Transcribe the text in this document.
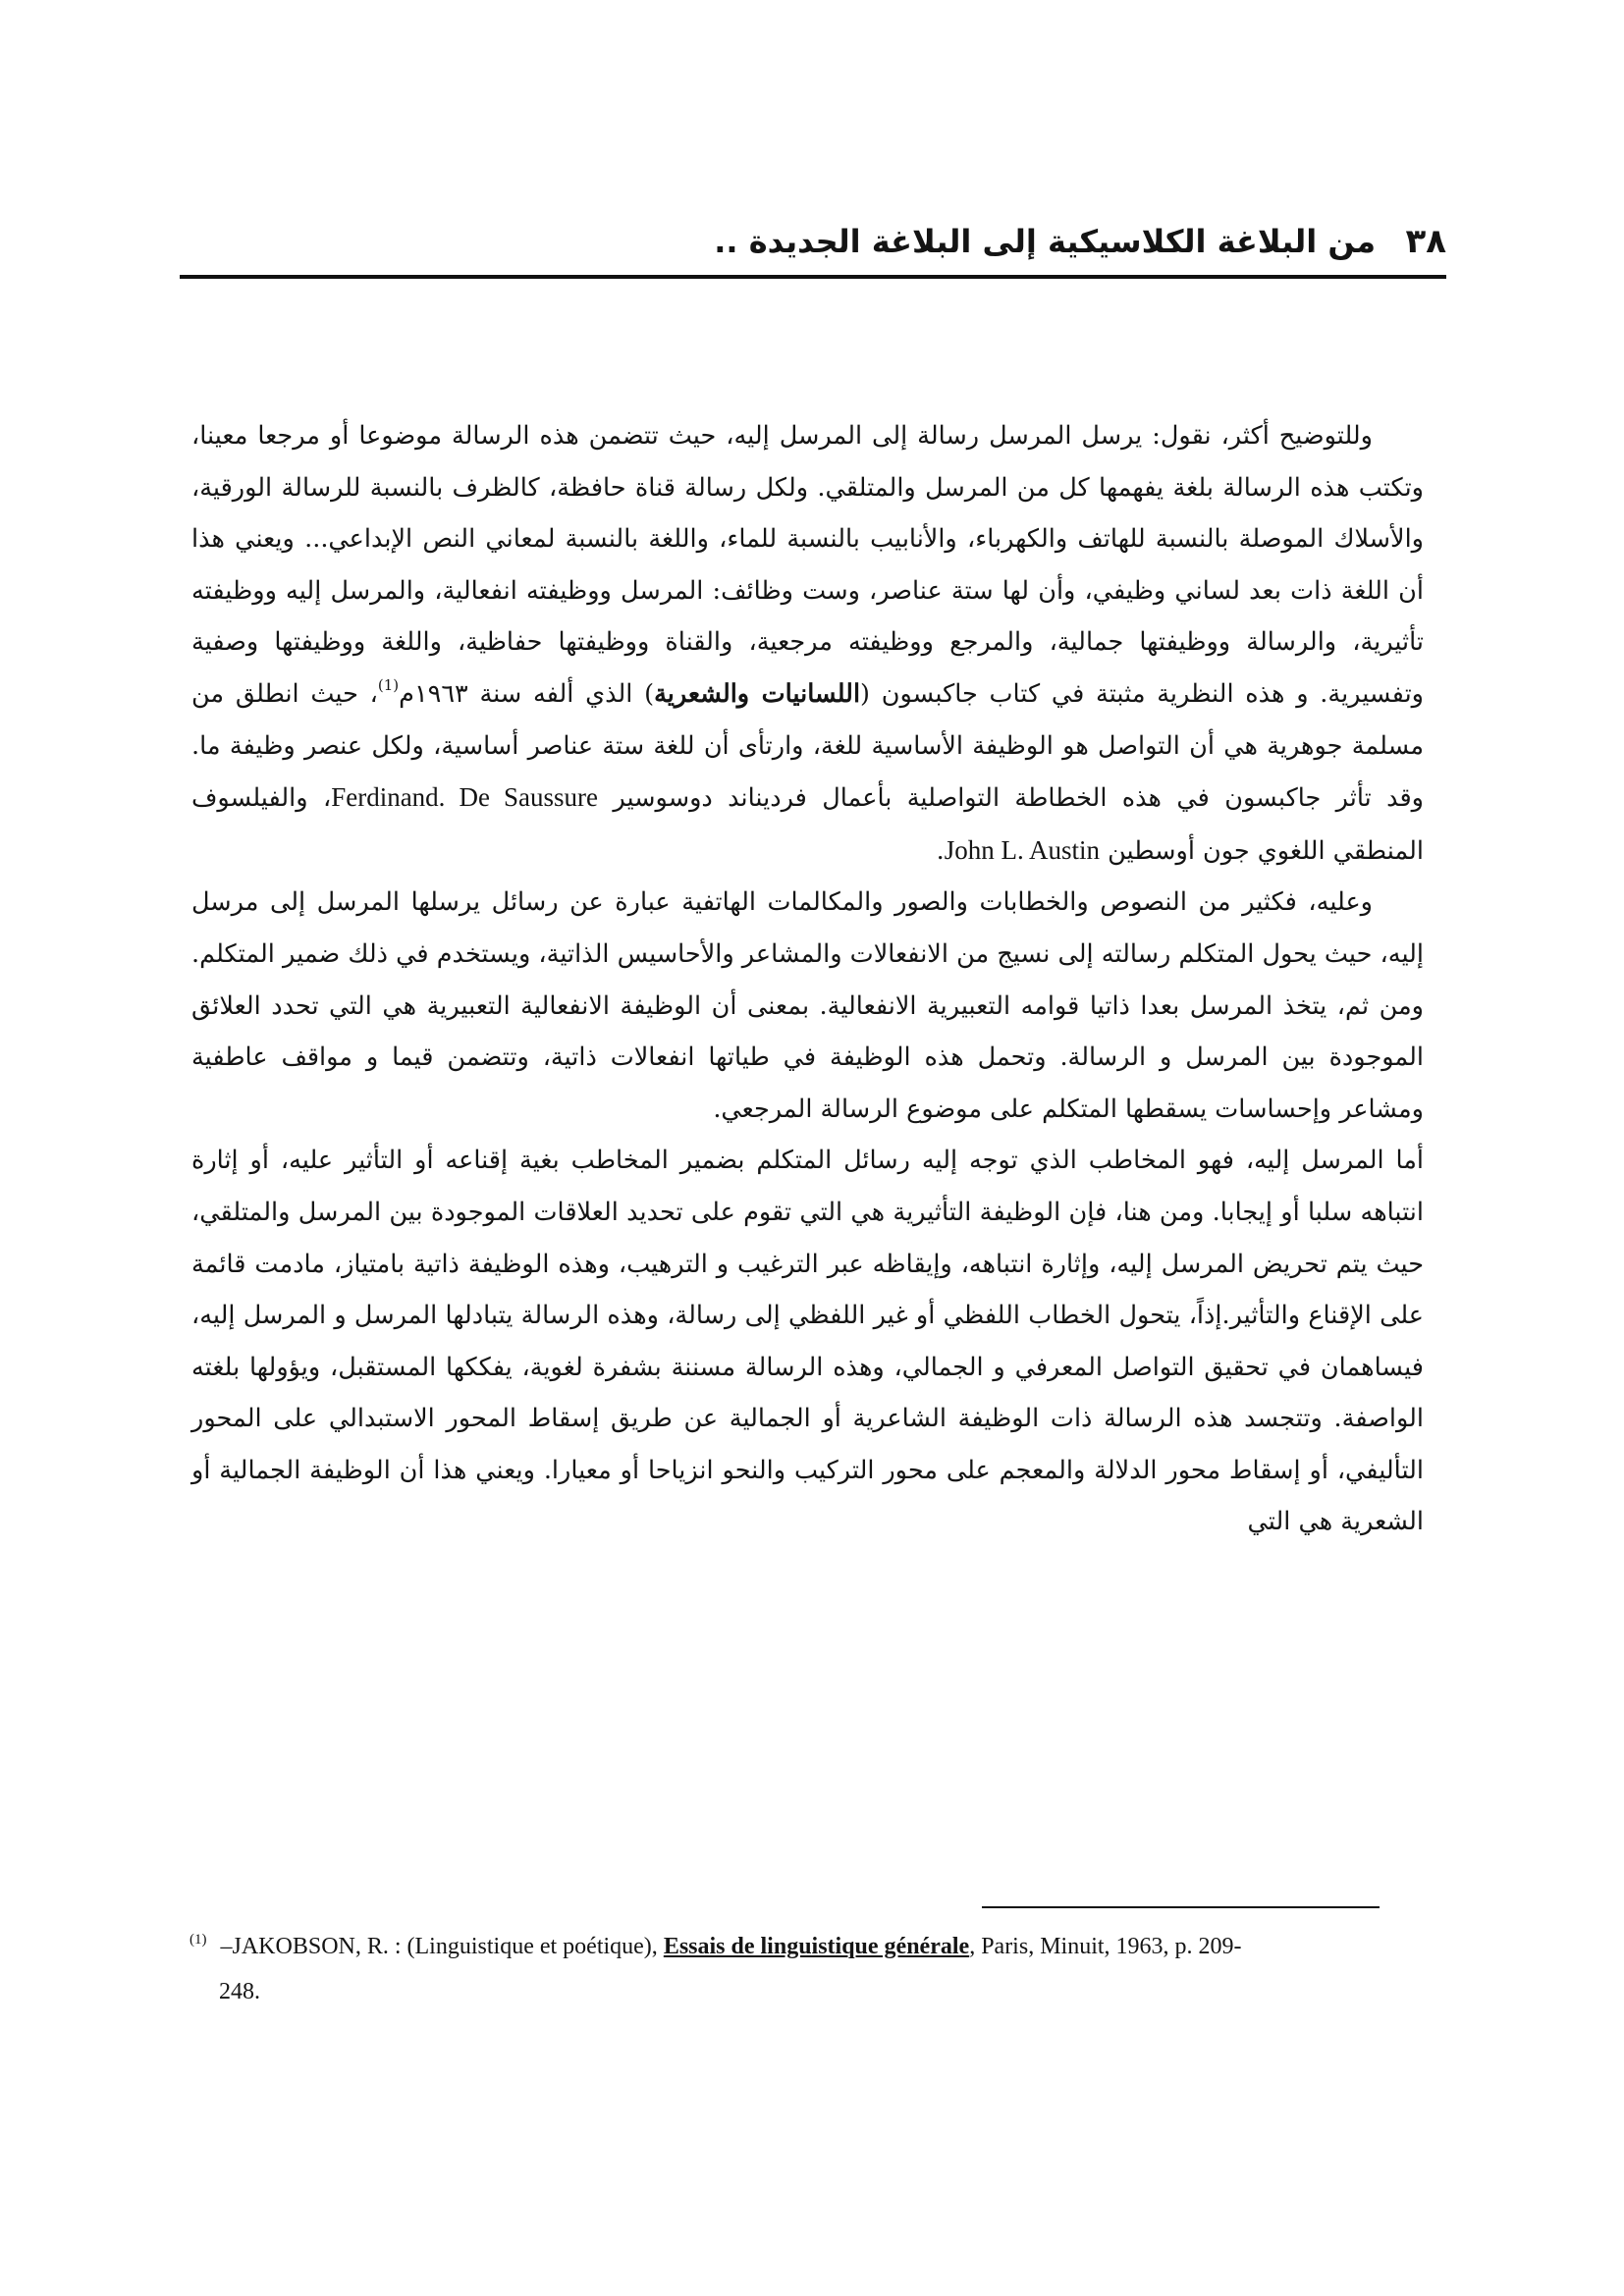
٣٨
من البلاغة الكلاسيكية إلى البلاغة الجديدة ..

وللتوضيح أكثر، نقول: يرسل المرسل رسالة إلى المرسل إليه، حيث تتضمن هذه الرسالة موضوعا أو مرجعا معينا، وتكتب هذه الرسالة بلغة يفهمها كل من المرسل والمتلقي. ولكل رسالة قناة حافظة، كالظرف بالنسبة للرسالة الورقية، والأسلاك الموصلة بالنسبة للهاتف والكهرباء، والأنابيب بالنسبة للماء، واللغة بالنسبة لمعاني النص الإبداعي... ويعني هذا أن اللغة ذات بعد لساني وظيفي، وأن لها ستة عناصر، وست وظائف: المرسل ووظيفته انفعالية، والمرسل إليه ووظيفته تأثيرية، والرسالة ووظيفتها جمالية، والمرجع ووظيفته مرجعية، والقناة ووظيفتها حفاظية، واللغة ووظيفتها وصفية وتفسيرية. و هذه النظرية مثبتة في كتاب جاكبسون (اللسانيات والشعرية) الذي ألفه سنة ١٩٦٣م$^{(1)}$، حيث انطلق من مسلمة جوهرية هي أن التواصل هو الوظيفة الأساسية للغة، وارتأى أن للغة ستة عناصر أساسية، ولكل عنصر وظيفة ما. وقد تأثر جاكبسون في هذه الخطاطة التواصلية بأعمال فرديناند دوسوسير Ferdinand. De Saussure، والفيلسوف المنطقي اللغوي جون أوسطين John L. Austin.

وعليه، فكثير من النصوص والخطابات والصور والمكالمات الهاتفية عبارة عن رسائل يرسلها المرسل إلى مرسل إليه، حيث يحول المتكلم رسالته إلى نسيج من الانفعالات والمشاعر والأحاسيس الذاتية، ويستخدم في ذلك ضمير المتكلم. ومن ثم، يتخذ المرسل بعدا ذاتيا قوامه التعبيرية الانفعالية. بمعنى أن الوظيفة الانفعالية التعبيرية هي التي تحدد العلائق الموجودة بين المرسل و الرسالة. وتحمل هذه الوظيفة في طياتها انفعالات ذاتية، وتتضمن قيما و مواقف عاطفية ومشاعر وإحساسات يسقطها المتكلم على موضوع الرسالة المرجعي.

أما المرسل إليه، فهو المخاطب الذي توجه إليه رسائل المتكلم بضمير المخاطب بغية إقناعه أو التأثير عليه، أو إثارة انتباهه سلبا أو إيجابا. ومن هنا، فإن الوظيفة التأثيرية هي التي تقوم على تحديد العلاقات الموجودة بين المرسل والمتلقي، حيث يتم تحريض المرسل إليه، وإثارة انتباهه، وإيقاظه عبر الترغيب و الترهيب، وهذه الوظيفة ذاتية بامتياز، مادمت قائمة على الإقناع والتأثير.إذاً، يتحول الخطاب اللفظي أو غير اللفظي إلى رسالة، وهذه الرسالة يتبادلها المرسل و المرسل إليه، فيساهمان في تحقيق التواصل المعرفي و الجمالي، وهذه الرسالة مسننة بشفرة لغوية، يفككها المستقبل، ويؤولها بلغته الواصفة. وتتجسد هذه الرسالة ذات الوظيفة الشاعرية أو الجمالية عن طريق إسقاط المحور الاستبدالي على المحور التأليفي، أو إسقاط محور الدلالة والمعجم على محور التركيب والنحو انزياحا أو معيارا. ويعني هذا أن الوظيفة الجمالية أو الشعرية هي التي

$^{(1)}$ –JAKOBSON, R. : (Linguistique et poétique), Essais de linguistique générale, Paris, Minuit, 1963, p. 209-
248.
